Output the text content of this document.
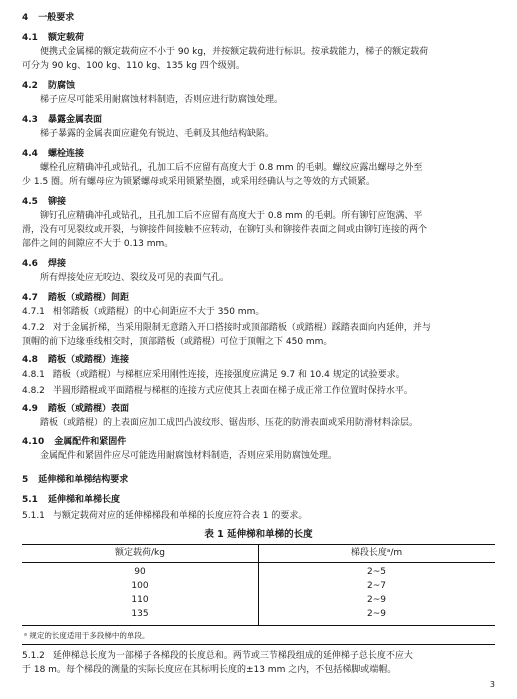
4 一般要求
4.1 额定载荷
便携式金属梯的额定载荷应不小于 90 kg，并按额定载荷进行标识。按承载能力，梯子的额定载荷
可分为 90 kg、100 kg、110 kg、135 kg 四个级别。
4.2 防腐蚀
梯子应尽可能采用耐腐蚀材料制造，否则应进行防腐蚀处理。
4.3 暴露金属表面
梯子暴露的金属表面应避免有锐边、毛刺及其他结构缺陷。
4.4 螺栓连接
螺栓孔应精确冲孔或钻孔，孔加工后不应留有高度大于 0.8 mm 的毛刺。螺纹应露出螺母之外至
少 1.5 圈。所有螺母应为锁紧螺母或采用锁紧垫圈，或采用经确认与之等效的方式锁紧。
4.5 铆接
铆钉孔应精确冲孔或钻孔，且孔加工后不应留有高度大于 0.8 mm 的毛刺。所有铆钉应饱满、平
滑，没有可见裂纹或开裂，与铆接件间接触不应转动，在铆钉头和铆接件表面之间或由铆钉连接的两个
部件之间的间隙应不大于 0.13 mm。
4.6 焊接
所有焊接处应无咬边、裂纹及可见的表面气孔。
4.7 踏板（或踏棍）间距
4.7.1 相邻踏板（或踏棍）的中心间距应不大于 350 mm。
4.7.2 对于金属折梯，当采用限制无意踏入开口搭接时或顶部踏板（或踏棍）踩踏表面向内延伸，并与
顶帽的前下边缘垂线相交时，顶部踏板（或踏棍）可位于顶帽之下 450 mm。
4.8 踏板（或踏棍）连接
4.8.1 踏板（或踏棍）与梯框应采用刚性连接，连接强度应满足 9.7 和 10.4 规定的试验要求。
4.8.2 半圆形踏棍或平面踏棍与梯框的连接方式应使其上表面在梯子成正常工作位置时保持水平。
4.9 踏板（或踏棍）表面
踏板（或踏棍）的上表面应加工成凹凸波纹形、锯齿形、压花的防滑表面或采用防滑材料涂层。
4.10 金属配件和紧固件
金属配件和紧固件应尽可能选用耐腐蚀材料制造，否则应采用防腐蚀处理。
5 延伸梯和单梯结构要求
5.1 延伸梯和单梯长度
5.1.1 与额定载荷对应的延伸梯梯段和单梯的长度应符合表 1 的要求。
表 1 延伸梯和单梯的长度
额定载荷/kg	梯段长度ᵃ/m
90	2~5
100	2~7
110	2~9
135	2~9
ᵃ 规定的长度适用于多段梯中的单段。
5.1.2 延伸梯总长度为一部梯子各梯段的长度总和。两节或三节梯段组成的延伸梯子总长度不应大
于 18 m。每个梯段的测量的实际长度应在其标明长度的±13 mm 之内，不包括梯脚或端帽。
3
